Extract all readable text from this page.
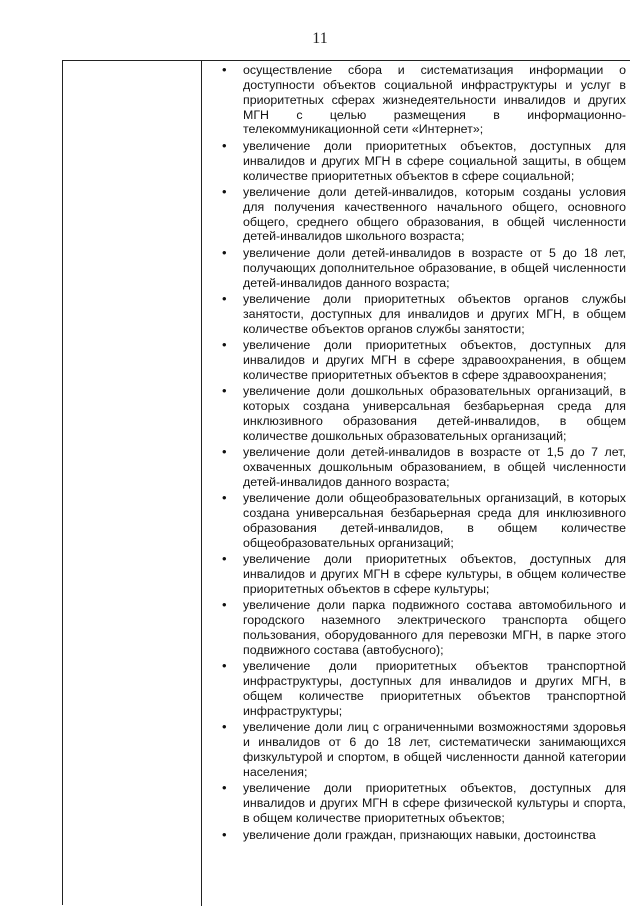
11
• осуществление сбора и систематизация информации о доступности объектов социальной инфраструктуры и услуг в приоритетных сферах жизнедеятельности инвалидов и других МГН с целью размещения в информационно-телекоммуникационной сети «Интернет»;
• увеличение доли приоритетных объектов, доступных для инвалидов и других МГН в сфере социальной защиты, в общем количестве приоритетных объектов в сфере социальной;
• увеличение доли детей-инвалидов, которым созданы условия для получения качественного начального общего, основного общего, среднего общего образования, в общей численности детей-инвалидов школьного возраста;
• увеличение доли детей-инвалидов в возрасте от 5 до 18 лет, получающих дополнительное образование, в общей численности детей-инвалидов данного возраста;
• увеличение доли приоритетных объектов органов службы занятости, доступных для инвалидов и других МГН, в общем количестве объектов органов службы занятости;
• увеличение доли приоритетных объектов, доступных для инвалидов и других МГН в сфере здравоохранения, в общем количестве приоритетных объектов в сфере здравоохранения;
• увеличение доли дошкольных образовательных организаций, в которых создана универсальная безбарьерная среда для инклюзивного образования детей-инвалидов, в общем количестве дошкольных образовательных организаций;
• увеличение доли детей-инвалидов в возрасте от 1,5 до 7 лет, охваченных дошкольным образованием, в общей численности детей-инвалидов данного возраста;
• увеличение доли общеобразовательных организаций, в которых создана универсальная безбарьерная среда для инклюзивного образования детей-инвалидов, в общем количестве общеобразовательных организаций;
• увеличение доли приоритетных объектов, доступных для инвалидов и других МГН в сфере культуры, в общем количестве приоритетных объектов в сфере культуры;
• увеличение доли парка подвижного состава автомобильного и городского наземного электрического транспорта общего пользования, оборудованного для перевозки МГН, в парке этого подвижного состава (автобусного);
• увеличение доли приоритетных объектов транспортной инфраструктуры, доступных для инвалидов и других МГН, в общем количестве приоритетных объектов транспортной инфраструктуры;
• увеличение доли лиц с ограниченными возможностями здоровья и инвалидов от 6 до 18 лет, систематически занимающихся физкультурой и спортом, в общей численности данной категории населения;
• увеличение доли приоритетных объектов, доступных для инвалидов и других МГН в сфере физической культуры и спорта, в общем количестве приоритетных объектов;
• увеличение доли граждан, признающих навыки, достоинства
